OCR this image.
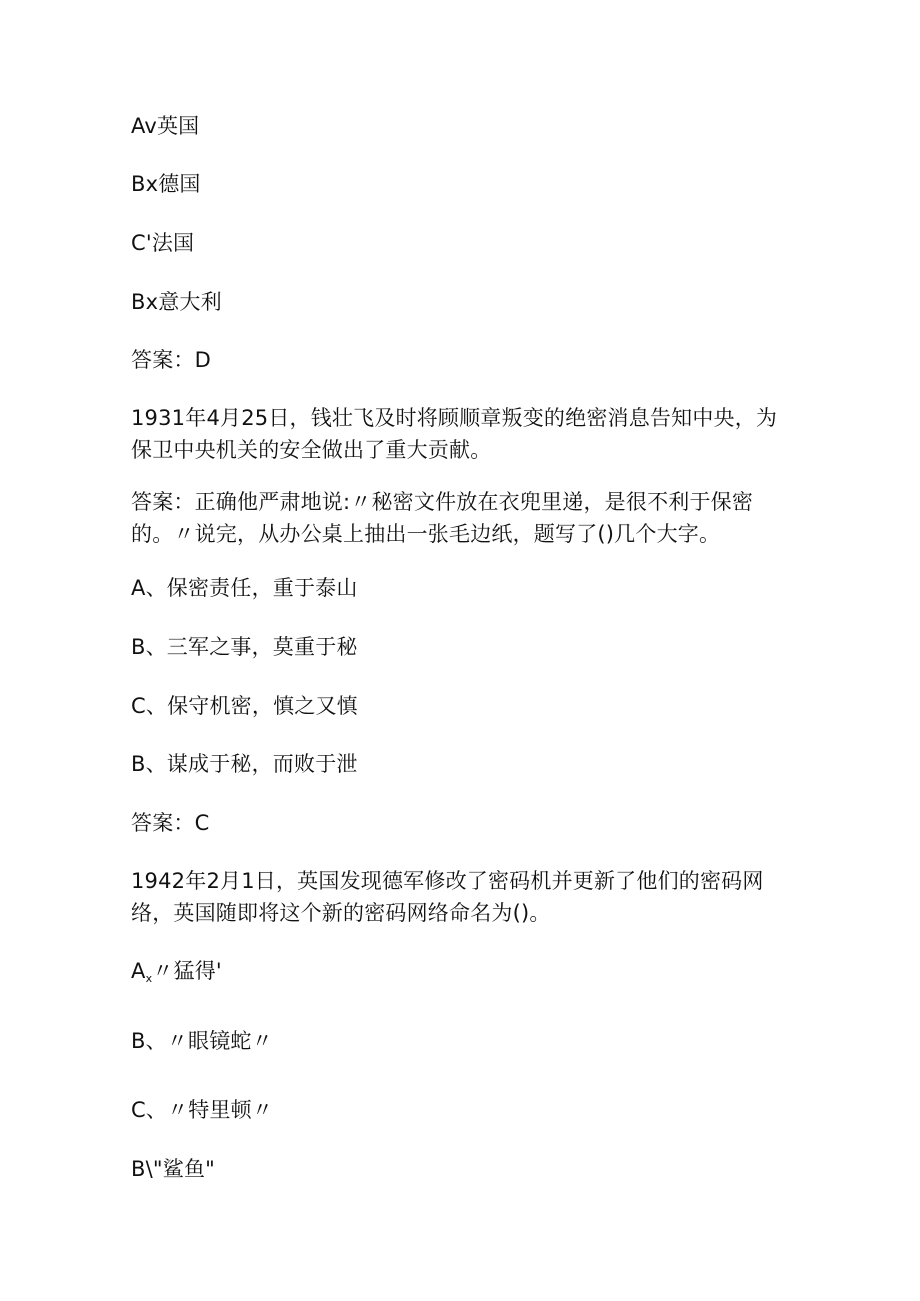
Av英国
Bx德国
C'法国
Bx意大利
答案：D
1931年4月25日，钱壮飞及时将顾顺章叛变的绝密消息告知中央，为
保卫中央机关的安全做出了重大贡献。
答案：正确他严肃地说:〃秘密文件放在衣兜里递，是很不利于保密
的。〃说完，从办公桌上抽出一张毛边纸，题写了()几个大字。
A、保密责任，重于泰山
B、三军之事，莫重于秘
C、保守机密，慎之又慎
B、谋成于秘，而败于泄
答案：C
1942年2月1日，英国发现德军修改了密码机并更新了他们的密码网
络，英国随即将这个新的密码网络命名为()。
$A_x$〃猛得'
B、〃眼镜蛇〃
C、〃特里顿〃
B\"鲨鱼"
